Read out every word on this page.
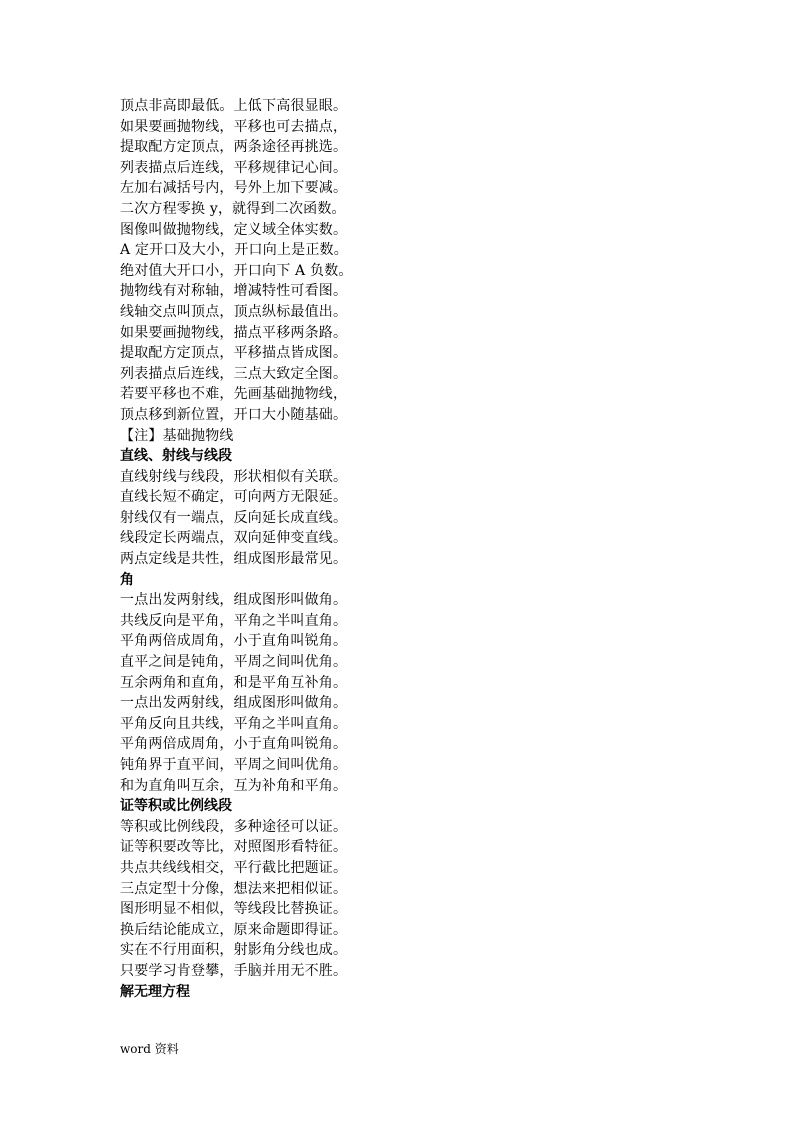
顶点非高即最低。上低下高很显眼。
如果要画抛物线，平移也可去描点，
提取配方定顶点，两条途径再挑选。
列表描点后连线，平移规律记心间。
左加右减括号内，号外上加下要减。
二次方程零换 y，就得到二次函数。
图像叫做抛物线，定义域全体实数。
A 定开口及大小，开口向上是正数。
绝对值大开口小，开口向下 A 负数。
抛物线有对称轴，增减特性可看图。
线轴交点叫顶点，顶点纵标最值出。
如果要画抛物线，描点平移两条路。
提取配方定顶点，平移描点皆成图。
列表描点后连线，三点大致定全图。
若要平移也不难，先画基础抛物线，
顶点移到新位置，开口大小随基础。
【注】基础抛物线
直线、射线与线段
直线射线与线段，形状相似有关联。
直线长短不确定，可向两方无限延。
射线仅有一端点，反向延长成直线。
线段定长两端点，双向延伸变直线。
两点定线是共性，组成图形最常见。
角
一点出发两射线，组成图形叫做角。
共线反向是平角，平角之半叫直角。
平角两倍成周角，小于直角叫锐角。
直平之间是钝角，平周之间叫优角。
互余两角和直角，和是平角互补角。
一点出发两射线，组成图形叫做角。
平角反向且共线，平角之半叫直角。
平角两倍成周角，小于直角叫锐角。
钝角界于直平间，平周之间叫优角。
和为直角叫互余，互为补角和平角。
证等积或比例线段
等积或比例线段，多种途径可以证。
证等积要改等比，对照图形看特征。
共点共线线相交，平行截比把题证。
三点定型十分像，想法来把相似证。
图形明显不相似，等线段比替换证。
换后结论能成立，原来命题即得证。
实在不行用面积，射影角分线也成。
只要学习肯登攀，手脑并用无不胜。
解无理方程
word 资料
